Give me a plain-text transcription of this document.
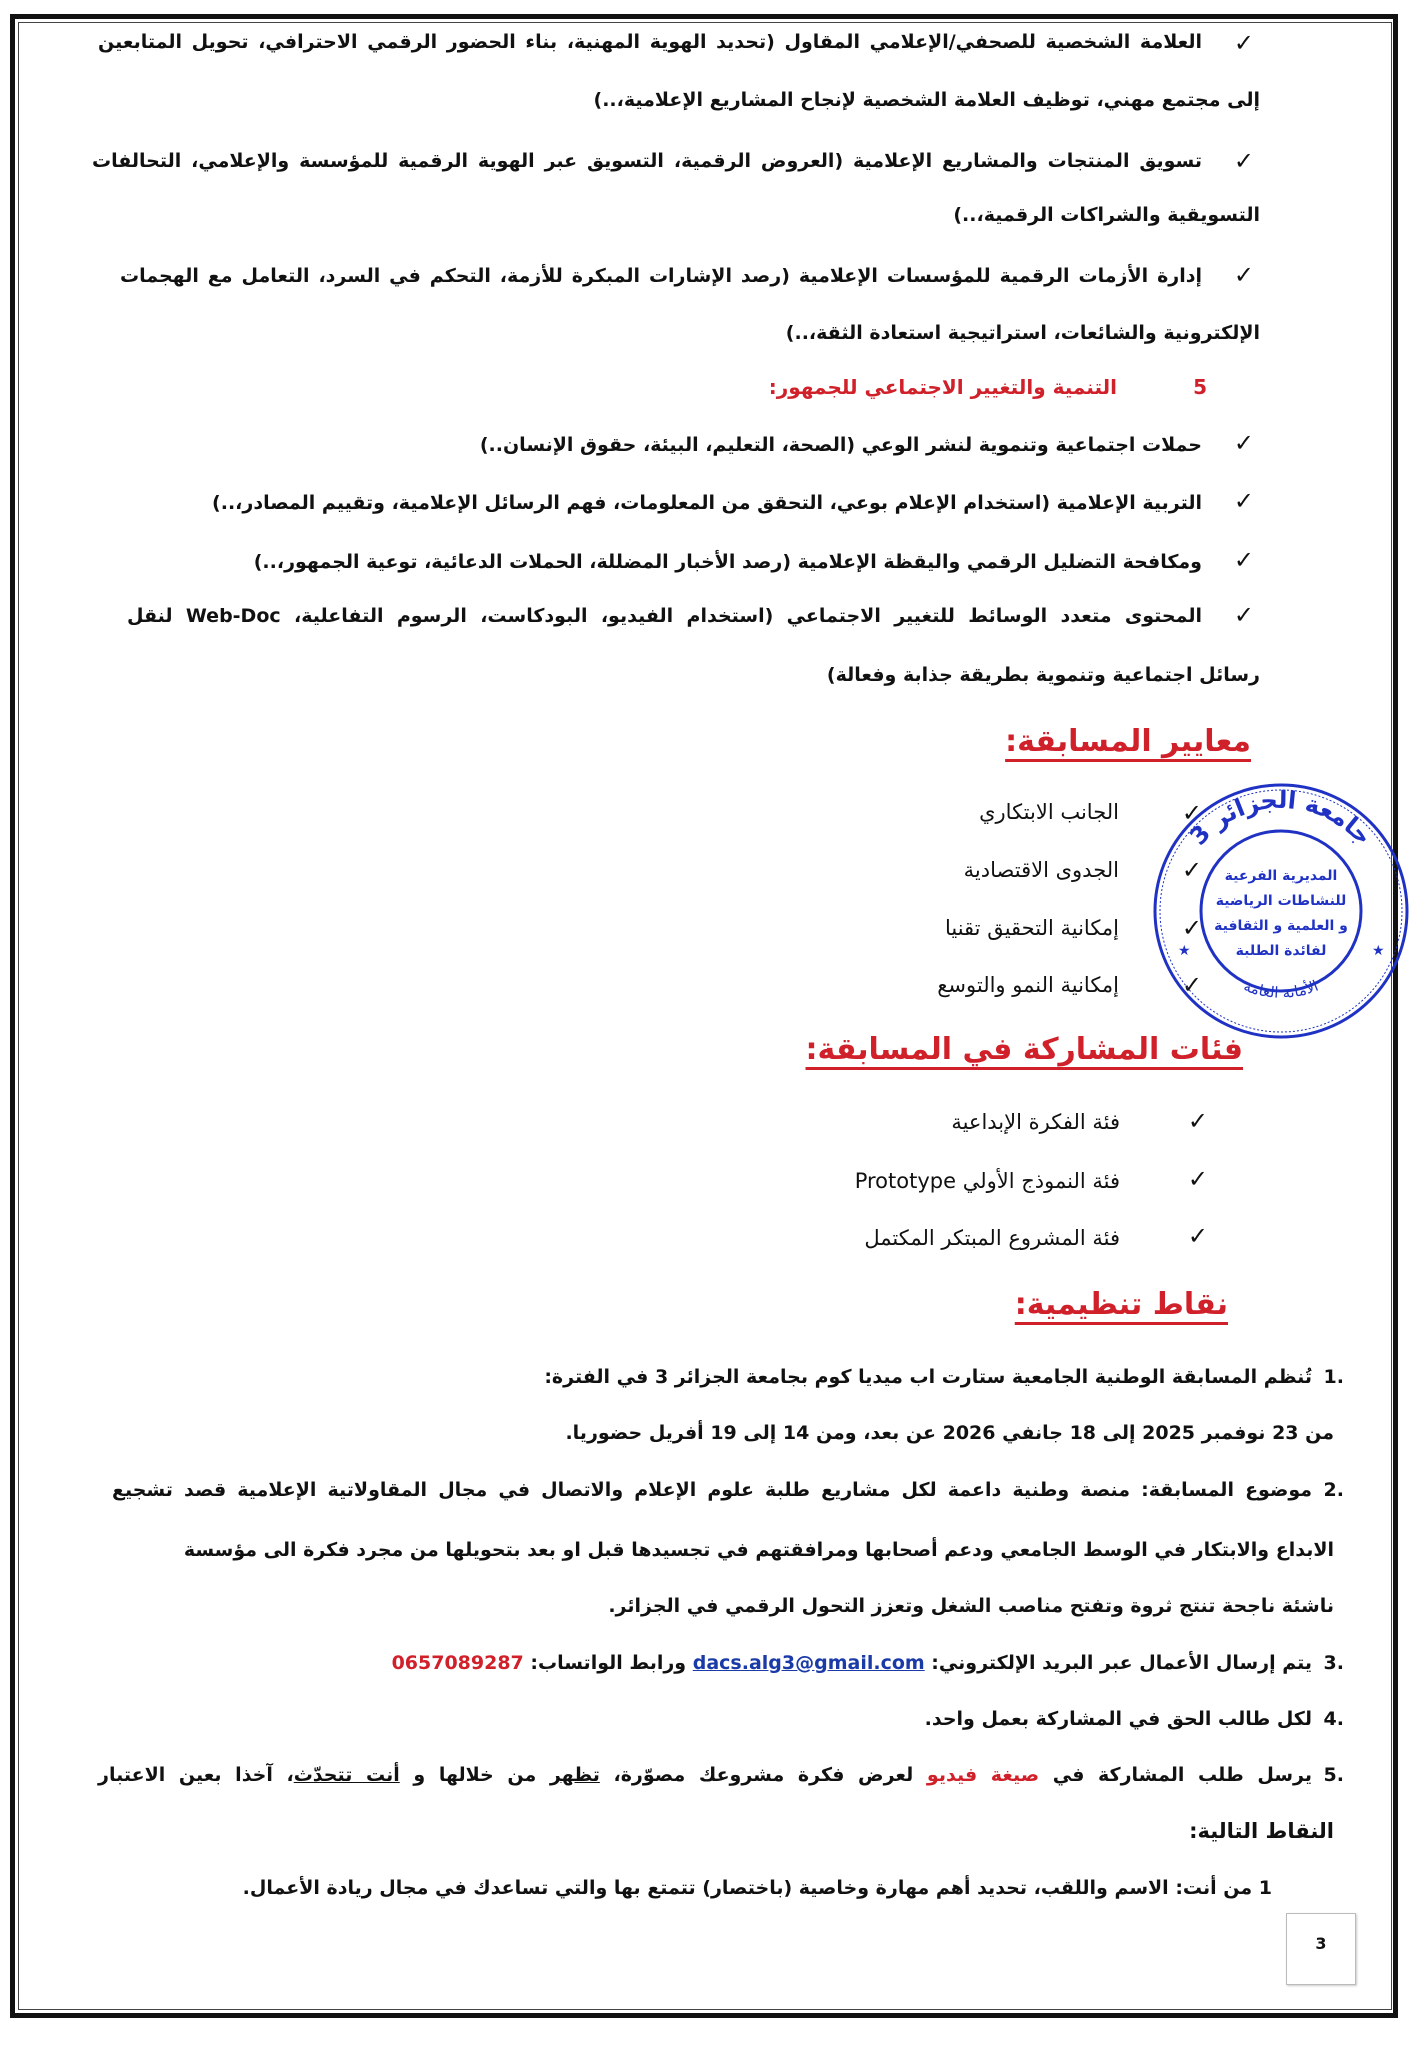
✓
العلامة الشخصية للصحفي/الإعلامي المقاول (تحديد الهوية المهنية، بناء الحضور الرقمي الاحترافي، تحويل المتابعين
إلى مجتمع مهني، توظيف العلامة الشخصية لإنجاح المشاريع الإعلامية،..)
✓
تسويق المنتجات والمشاريع الإعلامية (العروض الرقمية، التسويق عبر الهوية الرقمية للمؤسسة والإعلامي، التحالفات
التسويقية والشراكات الرقمية،..)
✓
إدارة الأزمات الرقمية للمؤسسات الإعلامية (رصد الإشارات المبكرة للأزمة، التحكم في السرد، التعامل مع الهجمات
الإلكترونية والشائعات، استراتيجية استعادة الثقة،..)
5
التنمية والتغيير الاجتماعي للجمهور:
✓
حملات اجتماعية وتنموية لنشر الوعي (الصحة، التعليم، البيئة، حقوق الإنسان..)
✓
التربية الإعلامية (استخدام الإعلام بوعي، التحقق من المعلومات، فهم الرسائل الإعلامية، وتقييم المصادر،..)
✓
ومكافحة التضليل الرقمي واليقظة الإعلامية (رصد الأخبار المضللة، الحملات الدعائية، توعية الجمهور،..)
✓
المحتوى متعدد الوسائط للتغيير الاجتماعي (استخدام الفيديو، البودكاست، الرسوم التفاعلية، Web-Doc لنقل
رسائل اجتماعية وتنموية بطريقة جذابة وفعالة)
معايير المسابقة:
✓
الجانب الابتكاري
✓
الجدوى الاقتصادية
✓
إمكانية التحقيق تقنيا
✓
إمكانية النمو والتوسع
جامعة الجزائر 3
الأمانة العامة
المديرية الفرعية
للنشاطات الرياضية
و العلمية و الثقافية
لفائدة الطلبة
★	★
فئات المشاركة في المسابقة:
✓
فئة الفكرة الإبداعية
✓
فئة النموذج الأولي Prototype
✓
فئة المشروع المبتكر المكتمل
نقاط تنظيمية:
1.
تُنظم المسابقة الوطنية الجامعية ستارت اب ميديا كوم بجامعة الجزائر 3 في الفترة:
من 23 نوفمبر 2025 إلى 18 جانفي 2026 عن بعد، ومن 14 إلى 19 أفريل حضوريا.
2.
موضوع المسابقة: منصة وطنية داعمة لكل مشاريع طلبة علوم الإعلام والاتصال في مجال المقاولاتية الإعلامية قصد تشجيع
الابداع والابتكار في الوسط الجامعي ودعم أصحابها ومرافقتهم في تجسيدها قبل او بعد بتحويلها من مجرد فكرة الى مؤسسة
ناشئة ناجحة تنتج ثروة وتفتح مناصب الشغل وتعزز التحول الرقمي في الجزائر.
3.
يتم إرسال الأعمال عبر البريد الإلكتروني: dacs.alg3@gmail.com ورابط الواتساب: 0657089287
4.
لكل طالب الحق في المشاركة بعمل واحد.
5.
يرسل طلب المشاركة في صيغة فيديو لعرض فكرة مشروعك مصوّرة، تظهر من خلالها و أنت تتحدّث، آخذا بعين الاعتبار
النقاط التالية:
1 من أنت: الاسم واللقب، تحديد أهم مهارة وخاصية (باختصار) تتمتع بها والتي تساعدك في مجال ريادة الأعمال.
3
